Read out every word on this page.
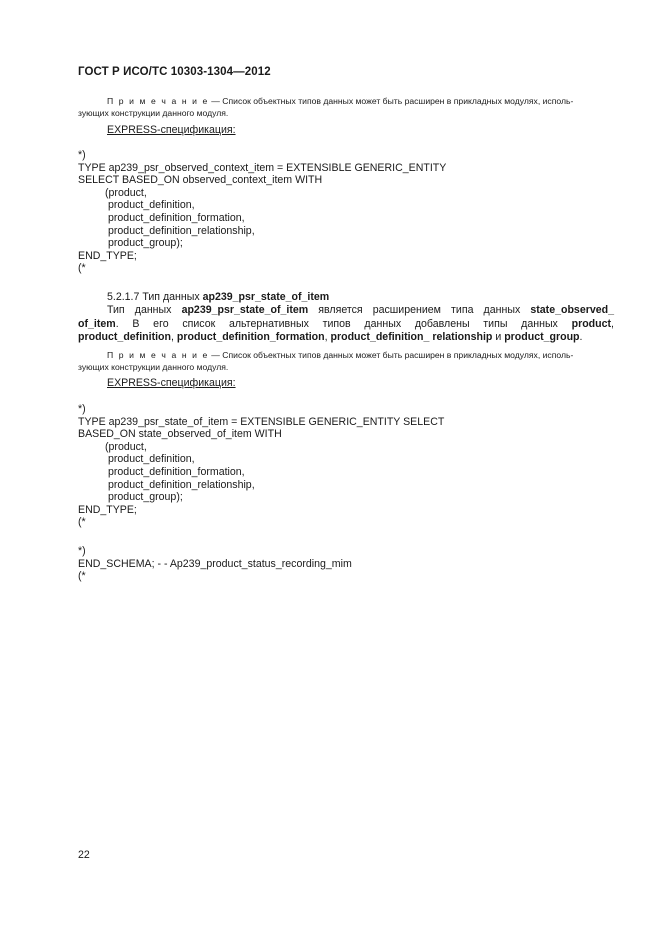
ГОСТ Р ИСО/ТС 10303-1304—2012
П р и м е ч а н и е — Список объектных типов данных может быть расширен в прикладных модулях, исполь-
зующих конструкции данного модуля.
EXPRESS-спецификация:
*)
TYPE ap239_psr_observed_context_item = EXTENSIBLE GENERIC_ENTITY
SELECT BASED_ON observed_context_item WITH
(product,
product_definition,
product_definition_formation,
product_definition_relationship,
product_group);
END_TYPE;
(*
5.2.1.7 Тип данных ap239_psr_state_of_item
Тип данных ap239_psr_state_of_item является расширением типа данных state_observed_
of_item. В его список альтернативных типов данных добавлены типы данных product,
product_definition, product_definition_formation, product_definition_ relationship и product_group.
П р и м е ч а н и е — Список объектных типов данных может быть расширен в прикладных модулях, исполь-
зующих конструкции данного модуля.
EXPRESS-спецификация:
*)
TYPE ap239_psr_state_of_item = EXTENSIBLE GENERIC_ENTITY SELECT
BASED_ON state_observed_of_item WITH
(product,
product_definition,
product_definition_formation,
product_definition_relationship,
product_group);
END_TYPE;
(*
*)
END_SCHEMA; - - Ap239_product_status_recording_mim
(*
22
